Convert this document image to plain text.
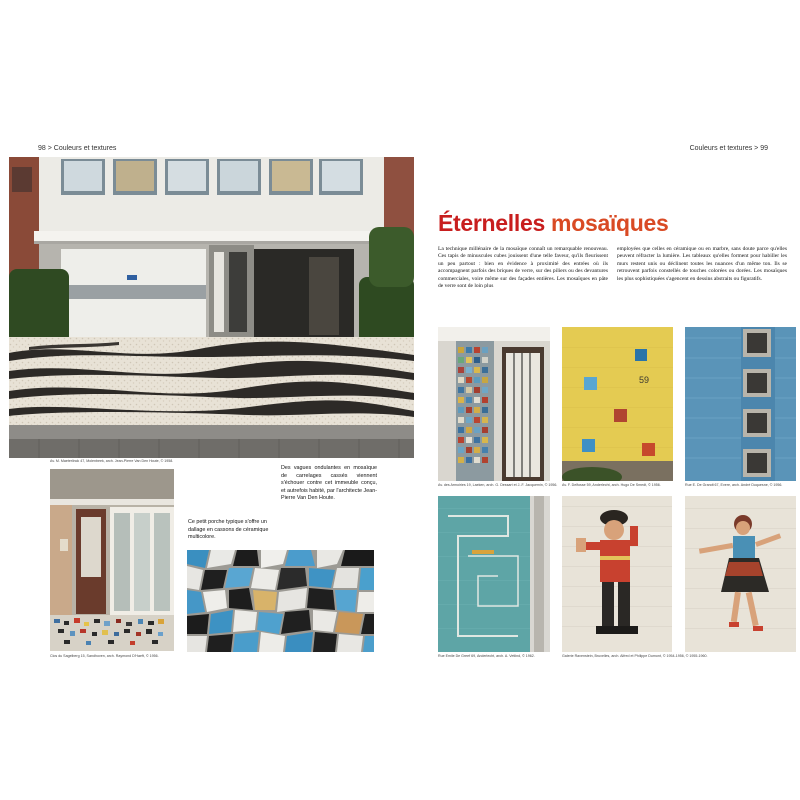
98 > Couleurs et textures
Av. M. Maeterlinck 47, Molenbeek, arch. Jean-Pierre Van Den Houte, © 1958.
Clos du Sagelberg 15, Sandhoven, arch. Raymond D'Haeft, © 1956.
Des vagues ondulantes en mosaïque de carrelages cassés viennent s'échouer contre cet immeuble conçu, et autrefois habité, par l'architecte Jean-Pierre Van Den Houte.
Ce petit porche typique s'offre un dallage en cassons de céramique multicolore.
Couleurs et textures > 99
Éternelles mosaïques
La technique millénaire de la mosaïque connaît un remarquable renouveau. Ces tapis de minuscules cubes jouissent d'une telle faveur, qu'ils fleurissent un peu partout : bien en évidence à proximité des entrées où ils accompagnent parfois des briques de verre, sur des piliers ou des devantures commerciales, voire même sur des façades entières. Les mosaïques en pâte de verre sont de loin plus
employées que celles en céramique ou en marbre, sans doute parce qu'elles peuvent réfracter la lumière. Les tableaux qu'elles forment pour habiller les murs restent unis ou déclinent toutes les nuances d'un même ton. Ils se retrouvent parfois constellés de touches colorées ou dorées. Les mosaïques les plus sophistiquées s'agencent en dessins abstraits ou figuratifs.
Av. des Armoiries 19, Laeken, arch. G. Dessart et J.-F. Jacquemin, © 1956.
59
Av. F. Delfosse 59, Anderlecht, arch. Hugo De Smedt, © 1956.	Rue E. De Grandt 67, Evere, arch. André Duquesne, © 1956.
Rue Emile De Greef 69, Anderlecht, arch. A. Vetlind, © 1962.	Galerie Ravenstein, Bruxelles, arch. Alfred et Philippe Dumont, © 1954-1956, © 1955-1960.
